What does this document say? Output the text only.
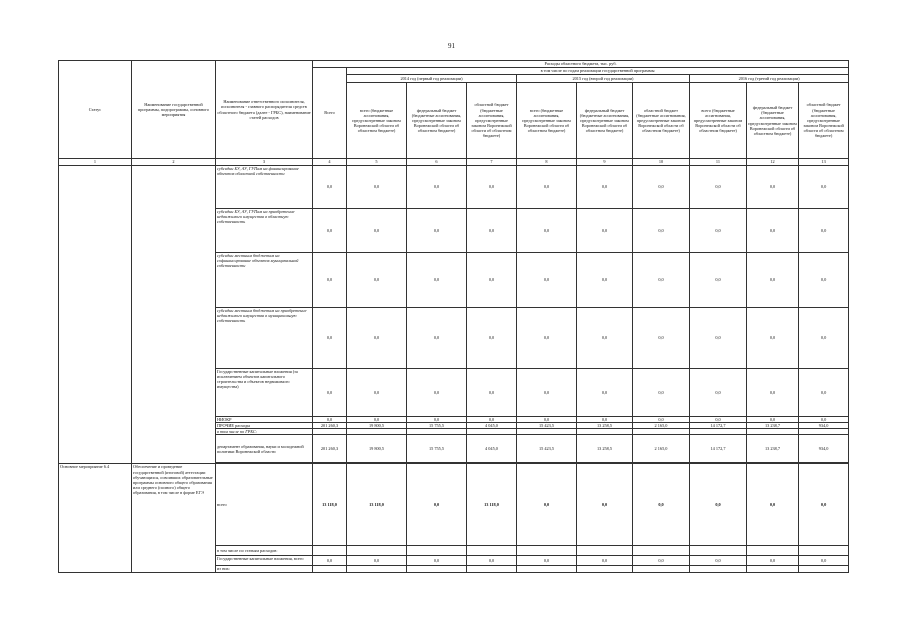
91
Статус	Наименование государственной программы, подпрограммы, основного мероприятия	Наименование ответственного исполнителя, исполнителя - главного распорядителя средств областного бюджета (далее - ГРБС), наименование статей расходов	Расходы областного бюджета, тыс. руб.									
			Всего	в том числе по годам реализации государственной программы								
				2014 год (первый год реализации)			2015 год (второй год реализации)			2016 год (третий год реализации)		
				всего (бюджетные ассигнования, предусмотренные законом Воронежской области об областном бюджете)	федеральный бюджет (бюджетные ассигнования, предусмотренные законом Воронежской области об областном бюджете)	областной бюджет (бюджетные ассигнования, предусмотренные законом Воронежской области об областном бюджете)	всего (бюджетные ассигнования, предусмотренные законом Воронежской области об областном бюджете)	федеральный бюджет (бюджетные ассигнования, предусмотренные законом Воронежской области об областном бюджете)	областной бюджет (бюджетные ассигнования, предусмотренные законом Воронежской области об областном бюджете)	всего (бюджетные ассигнования, предусмотренные законом Воронежской области об областном бюджете)	федеральный бюджет (бюджетные ассигнования, предусмотренные законом Воронежской области об областном бюджете)	областной бюджет (бюджетные ассигнования, предусмотренные законом Воронежской области об областном бюджете)
1	2	3	4	5	6	7	8	9	10	11	12	13
		субсидии БУ, АУ, ГУПам на финансирование объектов областной собственности	0,0	0,0	0,0	0,0	0,0	0,0	0,0	0,0	0,0	0,0
		субсидии БУ, АУ, ГУПам на приобретение недвижимого имущества в областную собственность	0,0	0,0	0,0	0,0	0,0	0,0	0,0	0,0	0,0	0,0
		субсидии местным бюджетам на софинансирование объектов муниципальной собственности	0,0	0,0	0,0	0,0	0,0	0,0	0,0	0,0	0,0	0,0
		субсидии местным бюджетам на приобретение недвижимого имущества в муниципальную собственность	0,0	0,0	0,0	0,0	0,0	0,0	0,0	0,0	0,0	0,0
		Государственные капитальные вложения (за исключением объектов капитального строительства и объектов недвижимого имущества)	0,0	0,0	0,0	0,0	0,0	0,0	0,0	0,0	0,0	0,0
		НИОКР	0,0	0,0	0,0	0,0	0,0	0,0	0,0	0,0	0,0	0,0
		ПРОЧИЕ расходы	201 260,3	19 800,5	15 755,5	4 045,0	15 423,5	13 258,5	2 165,0	14 172,7	13 238,7	934,0
		в том числе по ГРБС:										
		департамент образования, науки и молодежной политики Воронежской области	201 260,3	19 800,5	15 755,5	4 045,0	15 423,5	13 258,5	2 165,0	14 172,7	13 238,7	934,0

Основное мероприятие 6.4	Обеспечение и проведение государственной (итоговой) аттестации обучающихся, освоивших образовательные программы основного общего образования или среднего (полного) общего образования, в том числе в форме ЕГЭ	всего	13 118,0	13 118,0	0,0	13 118,0	0,0	0,0	0,0	0,0	0,0	0,0
		в том числе по статьям расходов:										
		Государственные капитальные вложения, всего	0,0	0,0	0,0	0,0	0,0	0,0	0,0	0,0	0,0	0,0
		из них:										
